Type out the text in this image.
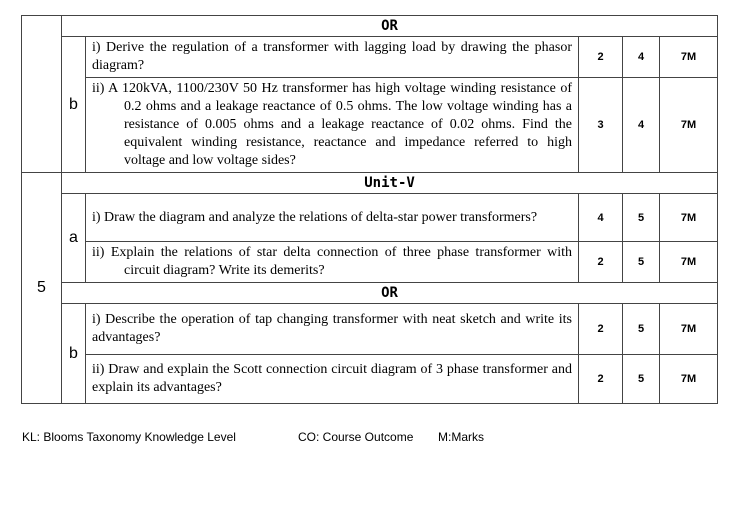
	OR				
	b	i) Derive the regulation of a transformer with lagging load by drawing the phasor diagram?	2	4	7M

		ii) A 120kVA, 1100/230V 50 Hz transformer has high voltage winding resistance of 0.2 ohms and a leakage reactance of 0.5 ohms. The low voltage winding has a resistance of 0.005 ohms and a leakage reactance of 0.02 ohms. Find the equivalent winding resistance, reactance and impedance referred to high voltage and low voltage sides?	3	4	7M
5	Unit-V				
	a	i) Draw the diagram and analyze the relations of delta-star power transformers?	4	5	7M

		ii) Explain the relations of star delta connection of three phase transformer with circuit diagram? Write its demerits?	2	5	7M
	OR				
	b	i) Describe the operation of tap changing transformer with neat sketch and write its advantages?	2	5	7M
		ii) Draw and explain the Scott connection circuit diagram of 3 phase transformer and explain its advantages?	2	5	7M
KL: Blooms Taxonomy Knowledge Level	CO: Course Outcome M:Marks
